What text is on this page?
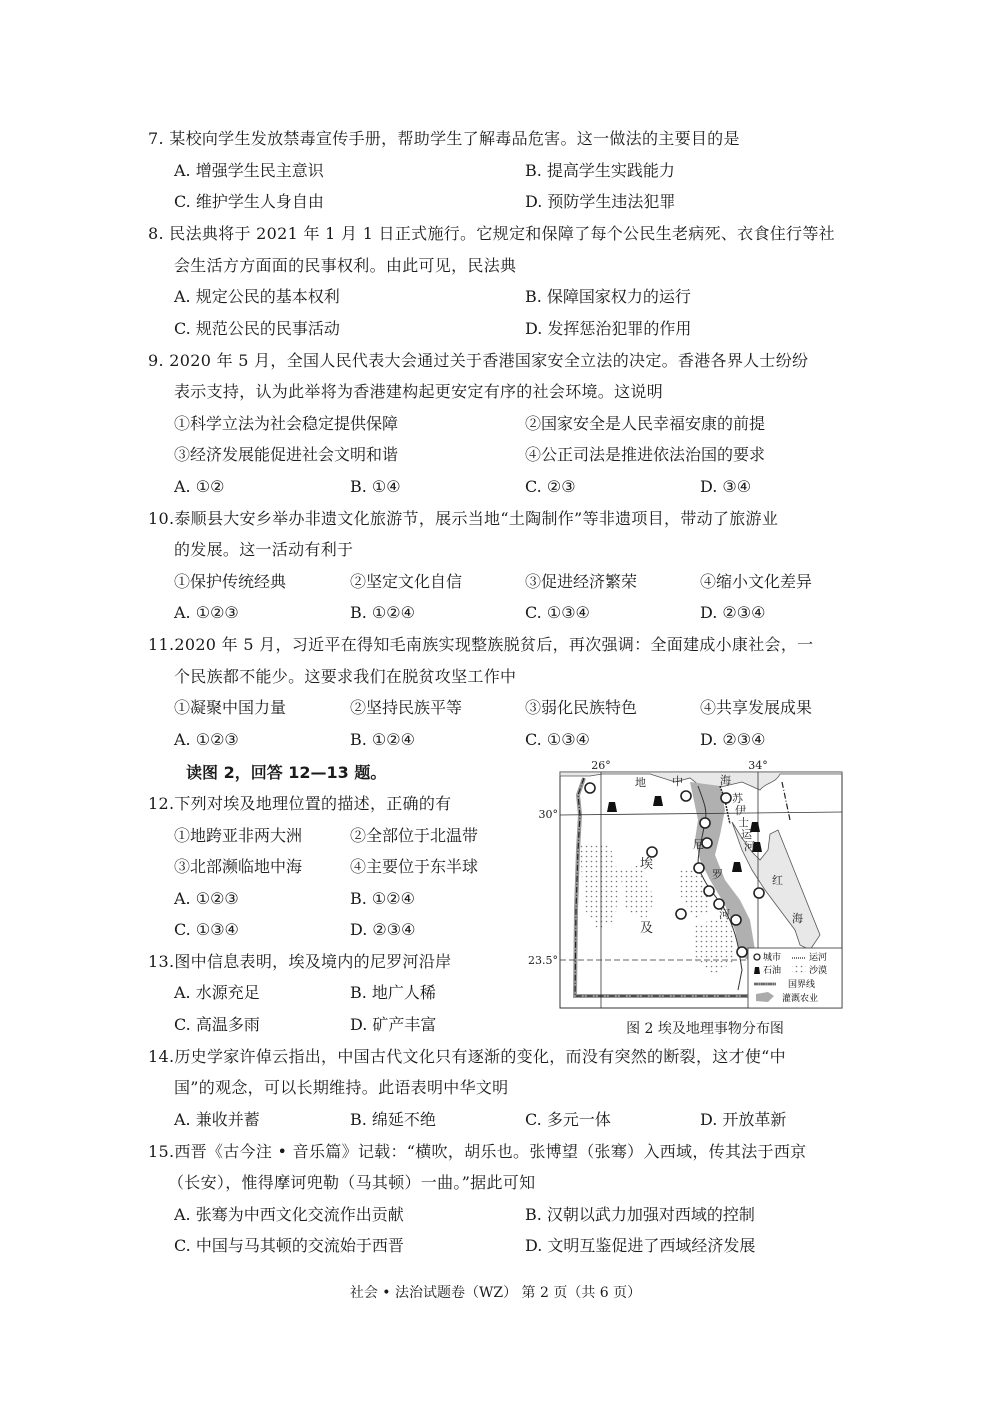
7. 某校向学生发放禁毒宣传手册，帮助学生了解毒品危害。这一做法的主要目的是
A. 增强学生民主意识	B. 提高学生实践能力
C. 维护学生人身自由	D. 预防学生违法犯罪
8. 民法典将于 2021 年 1 月 1 日正式施行。它规定和保障了每个公民生老病死、衣食住行等社
会生活方方面面的民事权利。由此可见，民法典
A. 规定公民的基本权利	B. 保障国家权力的运行
C. 规范公民的民事活动	D. 发挥惩治犯罪的作用
9. 2020 年 5 月，全国人民代表大会通过关于香港国家安全立法的决定。香港各界人士纷纷
表示支持，认为此举将为香港建构起更安定有序的社会环境。这说明
①科学立法为社会稳定提供保障	②国家安全是人民幸福安康的前提
③经济发展能促进社会文明和谐	④公正司法是推进依法治国的要求
A. ①②	B. ①④	C. ②③	D. ③④
10.泰顺县大安乡举办非遗文化旅游节，展示当地“土陶制作”等非遗项目，带动了旅游业
的发展。这一活动有利于
①保护传统经典	②坚定文化自信	③促进经济繁荣	④缩小文化差异
A. ①②③	B. ①②④	C. ①③④	D. ②③④
11.2020 年 5 月，习近平在得知毛南族实现整族脱贫后，再次强调：全面建成小康社会，一
个民族都不能少。这要求我们在脱贫攻坚工作中
①凝聚中国力量	②坚持民族平等	③弱化民族特色	④共享发展成果
A. ①②③	B. ①②④	C. ①③④	D. ②③④
读图 2，回答 12—13 题。
12.下列对埃及地理位置的描述，正确的有
①地跨亚非两大洲	②全部位于北温带
③北部濒临地中海	④主要位于东半球
A. ①②③	B. ①②④
C. ①③④	D. ②③④
13.图中信息表明，埃及境内的尼罗河沿岸
A. 水源充足	B. 地广人稀
C. 高温多雨	D. 矿产丰富
26°	34°
30°
23.5°
地 中	海
苏
伊
士
运
河
尼
罗
河
埃
及
红
海
城市	运河
石油	沙漠
国界线
灌溉农业
图 2 埃及地理事物分布图
14.历史学家许倬云指出，中国古代文化只有逐渐的变化，而没有突然的断裂，这才使“中
国”的观念，可以长期维持。此语表明中华文明
A. 兼收并蓄	B. 绵延不绝	C. 多元一体	D. 开放革新
15.西晋《古今注 • 音乐篇》记载：“横吹，胡乐也。张博望（张骞）入西域，传其法于西京
（长安），惟得摩诃兜勒（马其顿）一曲。”据此可知
A. 张骞为中西文化交流作出贡献	B. 汉朝以武力加强对西域的控制
C. 中国与马其顿的交流始于西晋	D. 文明互鉴促进了西域经济发展
社会 • 法治试题卷（WZ） 第 2 页（共 6 页）
